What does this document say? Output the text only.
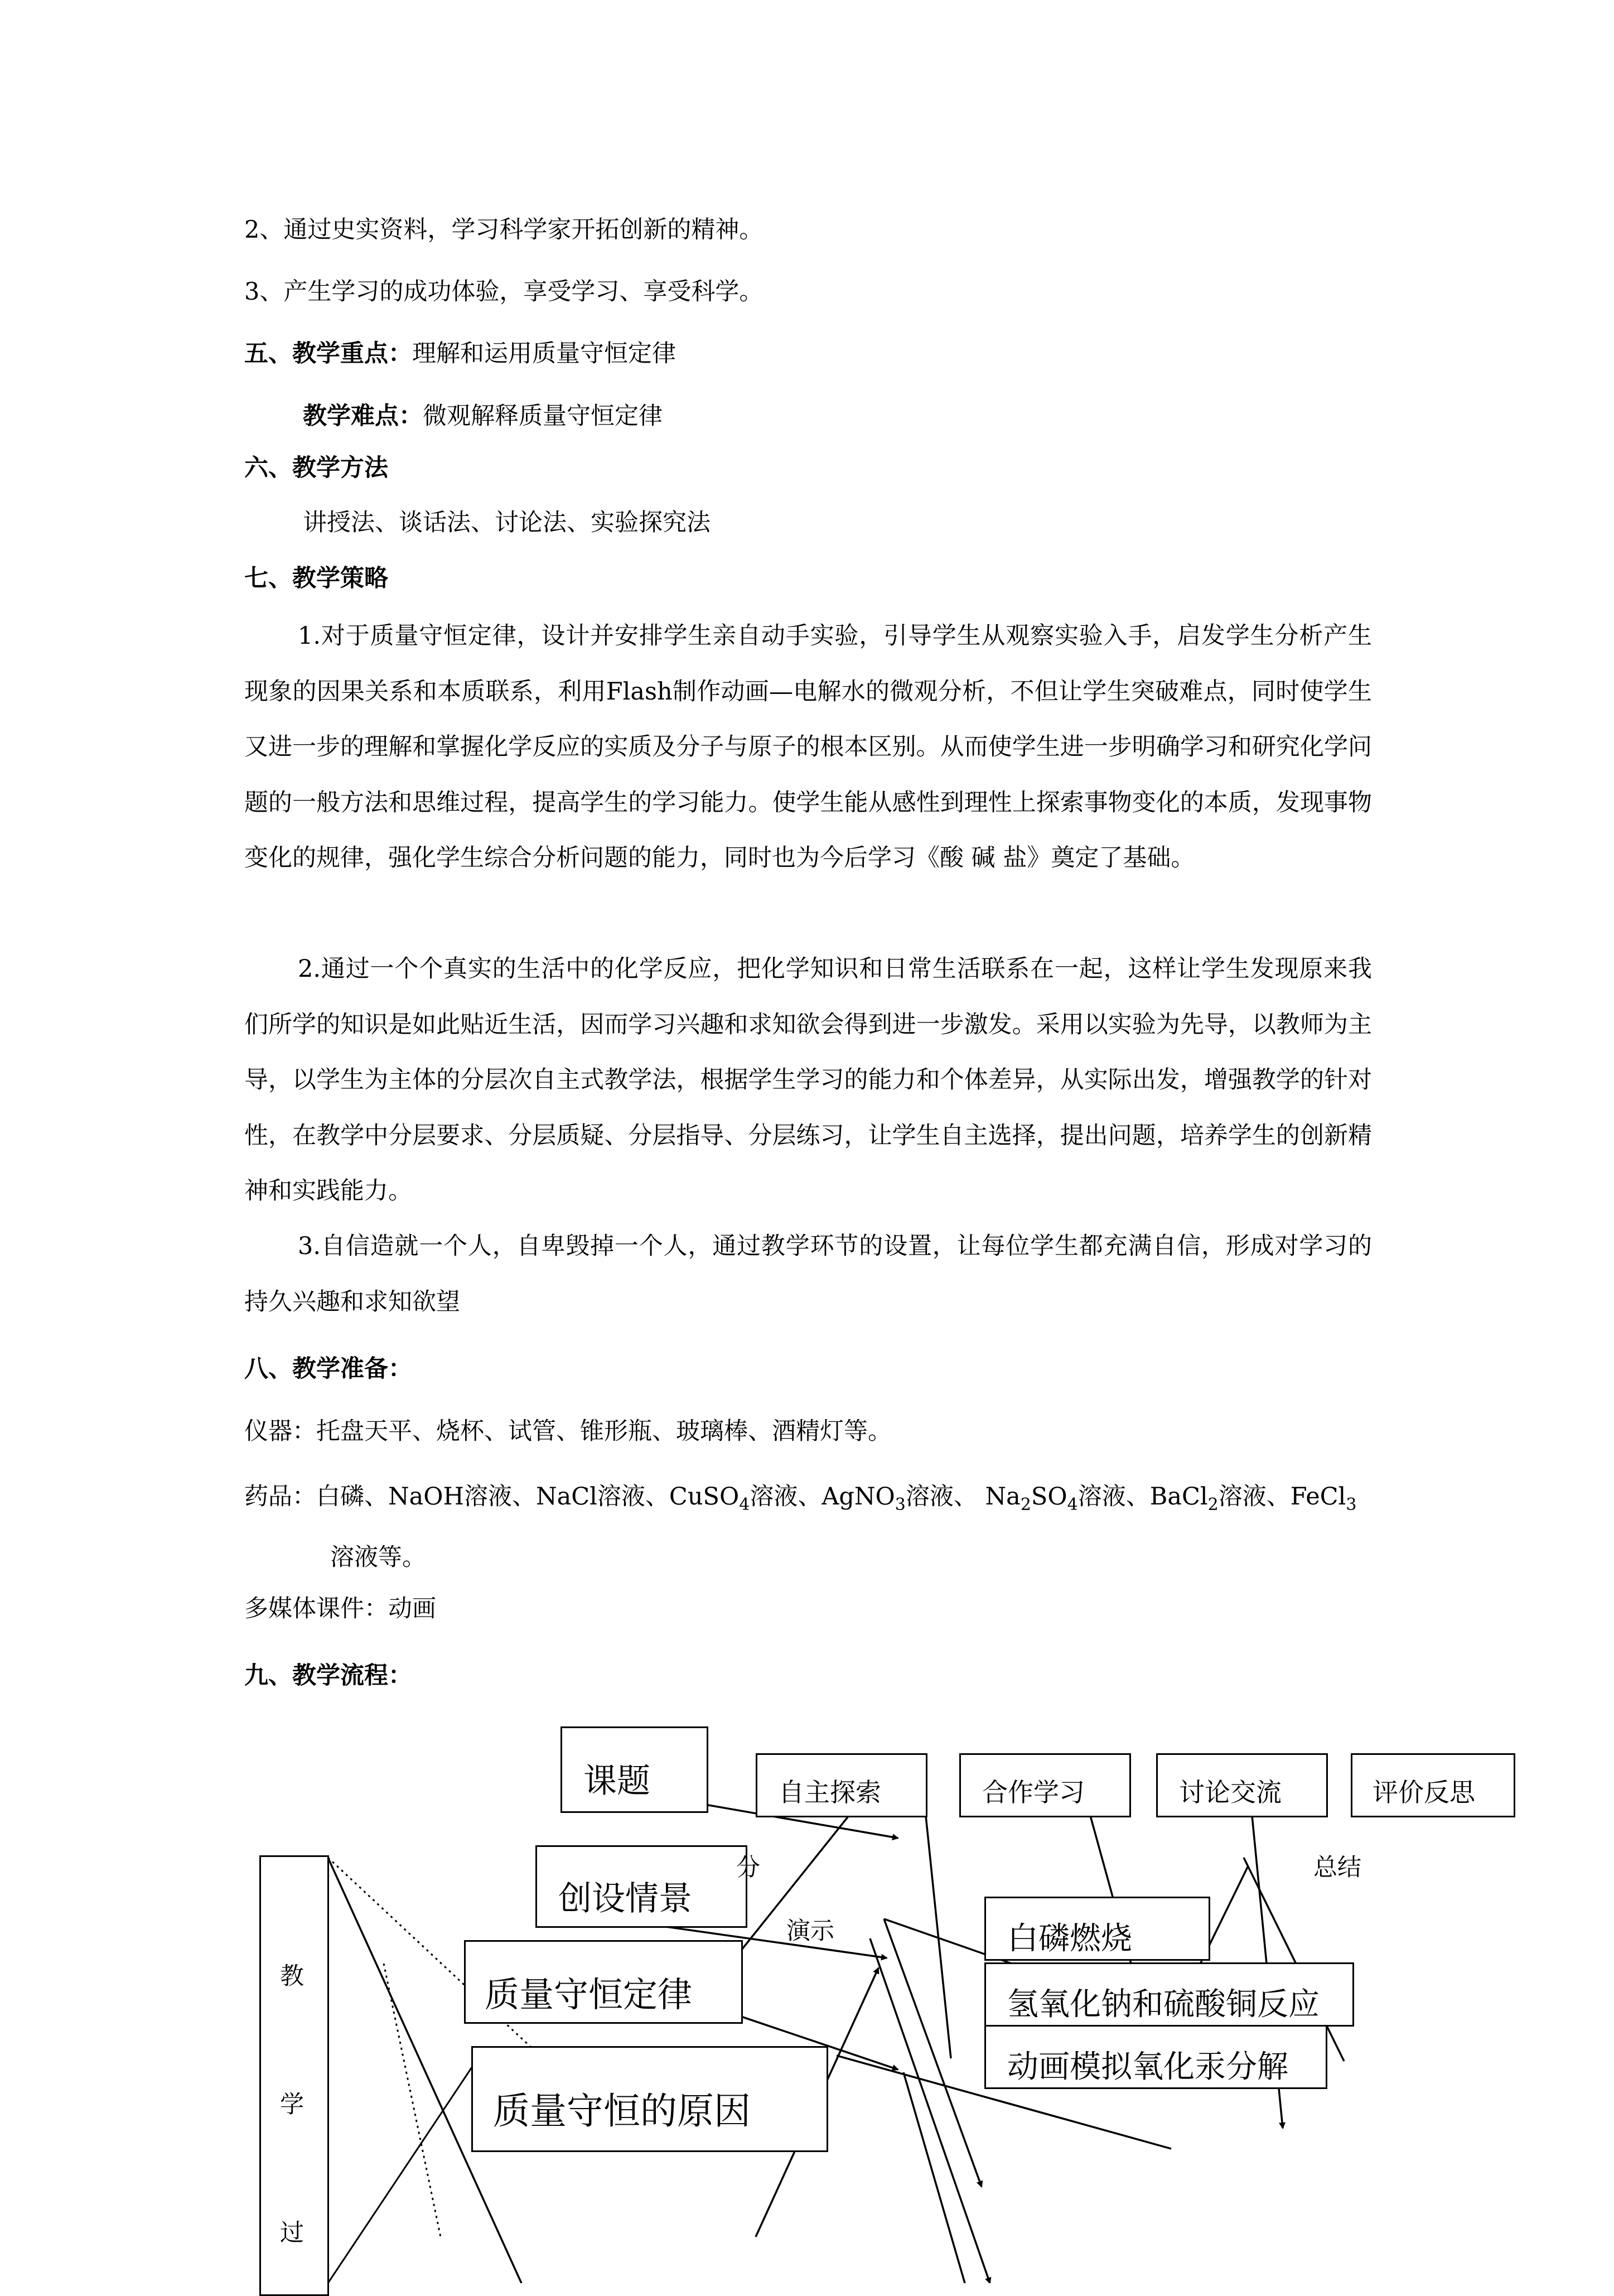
2、通过史实资料，学习科学家开拓创新的精神。
3、产生学习的成功体验，享受学习、享受科学。
五、教学重点：理解和运用质量守恒定律
教学难点：微观解释质量守恒定律
六、教学方法
讲授法、谈话法、讨论法、实验探究法
七、教学策略

1.对于质量守恒定律，设计并安排学生亲自动手实验，引导学生从观察实验入手，启发学生分析产生现象的因果关系和本质联系，利用Flash制作动画—电解水的微观分析，不但让学生突破难点，同时使学生又进一步的理解和掌握化学反应的实质及分子与原子的根本区别。从而使学生进一步明确学习和研究化学问题的一般方法和思维过程，提高学生的学习能力。使学生能从感性到理性上探索事物变化的本质，发现事物变化的规律，强化学生综合分析问题的能力，同时也为今后学习《酸 碱 盐》奠定了基础。

2.通过一个个真实的生活中的化学反应，把化学知识和日常生活联系在一起，这样让学生发现原来我们所学的知识是如此贴近生活，因而学习兴趣和求知欲会得到进一步激发。采用以实验为先导，以教师为主导，以学生为主体的分层次自主式教学法，根据学生学习的能力和个体差异，从实际出发，增强教学的针对性，在教学中分层要求、分层质疑、分层指导、分层练习，让学生自主选择，提出问题，培养学生的创新精神和实践能力。

3.自信造就一个人，自卑毁掉一个人，通过教学环节的设置，让每位学生都充满自信，形成对学习的持久兴趣和求知欲望

八、教学准备：
仪器：托盘天平、烧杯、试管、锥形瓶、玻璃棒、酒精灯等。
药品：白磷、NaOH溶液、NaCl溶液、CuSO$_4$溶液、AgNO$_3$溶液、 $Na_2SO_4$溶液、BaCl$_2$溶液、FeCl$_3$
溶液等。
多媒体课件：动画
九、教学流程：
教
学
过
课题
创设情景
质量守恒定律
质量守恒的原因
自主探索	合作学习	讨论交流	评价反思
白磷燃烧
氢氧化钠和硫酸铜反应
动画模拟氧化汞分解
分
演示
总结
